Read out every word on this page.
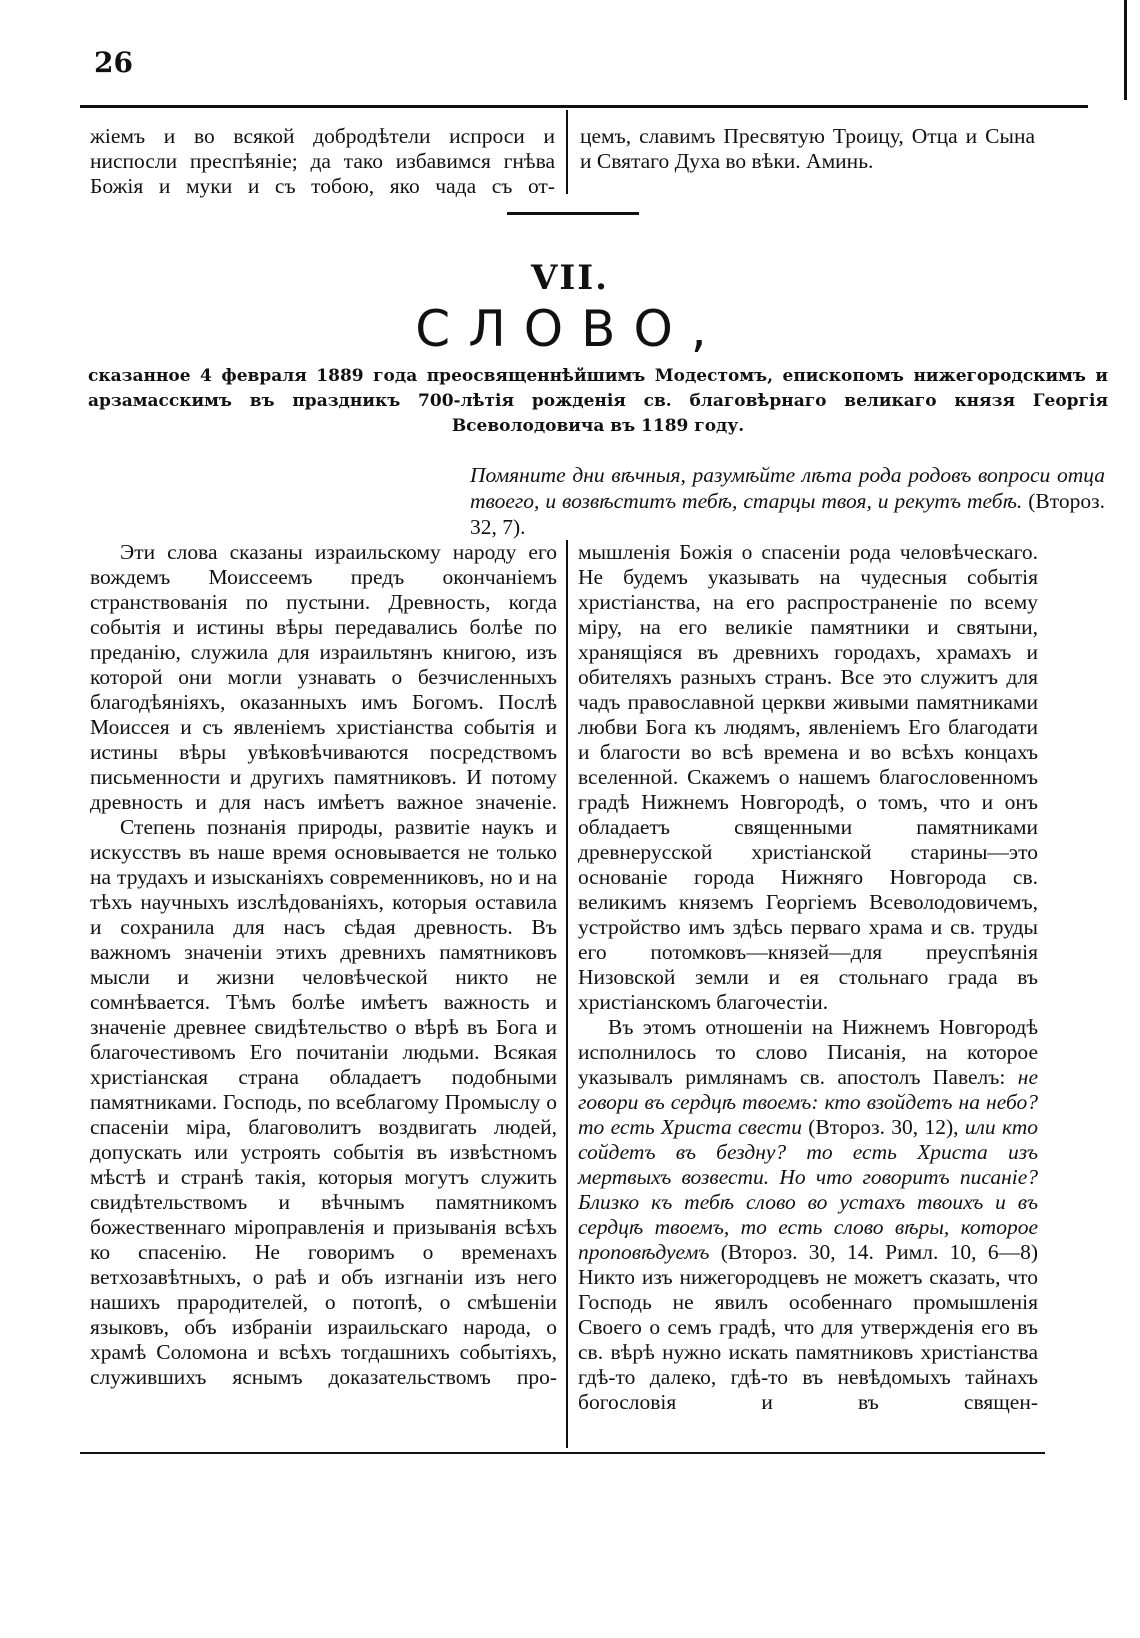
26

жіемъ и во всякой добродѣтели испроси и ниспосли преспѣяніе; да тако избавимся гнѣва Божія и муки и съ тобою, яко чада съ от-

цемъ, славимъ Пресвятую Троицу, Отца и Сына и Святаго Духа во вѣки. Аминь.

VII.
СЛОВО,
сказанное 4 февраля 1889 года преосвященнѣйшимъ Модестомъ, епископомъ нижегородскимъ и арзамасскимъ въ праздникъ 700-лѣтія рожденія св. благовѣрнаго великаго князя Георгія Всеволодовича въ 1189 году.
Помяните дни вѣчныя, разумѣйте лѣта рода родовъ вопроси отца твоего, и возвѣститъ тебѣ, старцы твоя, и рекутъ тебѣ. (Второз. 32, 7).

Эти слова сказаны израильскому народу его вождемъ Моиссеемъ предъ окончаніемъ странствованія по пустыни. Древность, когда событія и истины вѣры передавались болѣе по преданію, служила для израильтянъ книгою, изъ которой они могли узнавать о безчисленныхъ благодѣяніяхъ, оказанныхъ имъ Богомъ. Послѣ Моиссея и съ явленіемъ христіанства событія и истины вѣры увѣковѣчиваются посредствомъ письменности и другихъ памятниковъ. И потому древность и для насъ имѣетъ важное значеніе.

Степень познанія природы, развитіе наукъ и искусствъ въ наше время основывается не только на трудахъ и изысканіяхъ современниковъ, но и на тѣхъ научныхъ изслѣдованіяхъ, которыя оставила и сохранила для насъ сѣдая древность. Въ важномъ значеніи этихъ древнихъ памятниковъ мысли и жизни человѣческой никто не сомнѣвается. Тѣмъ болѣе имѣетъ важность и значеніе древнее свидѣтельство о вѣрѣ въ Бога и благочестивомъ Его почитаніи людьми. Всякая христіанская страна обладаетъ подобными памятниками. Господь, по всеблагому Промыслу о спасеніи міра, благоволитъ воздвигать людей, допускать или устроять событія въ извѣстномъ мѣстѣ и странѣ такія, которыя могутъ служить свидѣтельствомъ и вѣчнымъ памятникомъ божественнаго міроправленія и призыванія всѣхъ ко спасенію. Не говоримъ о временахъ ветхозавѣтныхъ, о раѣ и объ изгнаніи изъ него нашихъ прародителей, о потопѣ, о смѣшеніи языковъ, объ избраніи израильскаго народа, о храмѣ Соломона и всѣхъ тогдашнихъ событіяхъ, служившихъ яснымъ доказательствомъ про-

мышленія Божія о спасеніи рода человѣческаго. Не будемъ указывать на чудесныя событія христіанства, на его распространеніе по всему міру, на его великіе памятники и святыни, хранящіяся въ древнихъ городахъ, храмахъ и обителяхъ разныхъ странъ. Все это служитъ для чадъ православной церкви живыми памятниками любви Бога къ людямъ, явленіемъ Его благодати и благости во всѣ времена и во всѣхъ концахъ вселенной. Скажемъ о нашемъ благословенномъ градѣ Нижнемъ Новгородѣ, о томъ, что и онъ обладаетъ священными памятниками древнерусской христіанской старины—это основаніе города Нижняго Новгорода св. великимъ княземъ Георгіемъ Всеволодовичемъ, устройство имъ здѣсь перваго храма и св. труды его потомковъ—князей—для преуспѣянія Низовской земли и ея стольнаго града въ христіанскомъ благочестіи.

Въ этомъ отношеніи на Нижнемъ Новгородѣ исполнилось то слово Писанія, на которое указывалъ римлянамъ св. апостолъ Павелъ: не говори въ сердцѣ твоемъ: кто взойдетъ на небо? то есть Христа свести (Второз. 30, 12), или кто сойдетъ въ бездну? то есть Христа изъ мертвыхъ возвести. Но что говоритъ писаніе? Близко къ тебѣ слово во устахъ твоихъ и въ сердцѣ твоемъ, то есть слово вѣры, которое проповѣдуемъ (Второз. 30, 14. Римл. 10, 6—8) Никто изъ нижегородцевъ не можетъ сказать, что Господь не явилъ особеннаго промышленія Своего о семъ градѣ, что для утвержденія его въ св. вѣрѣ нужно искать памятниковъ христіанства гдѣ-то далеко, гдѣ-то въ невѣдомыхъ тайнахъ богословія и въ священ-
